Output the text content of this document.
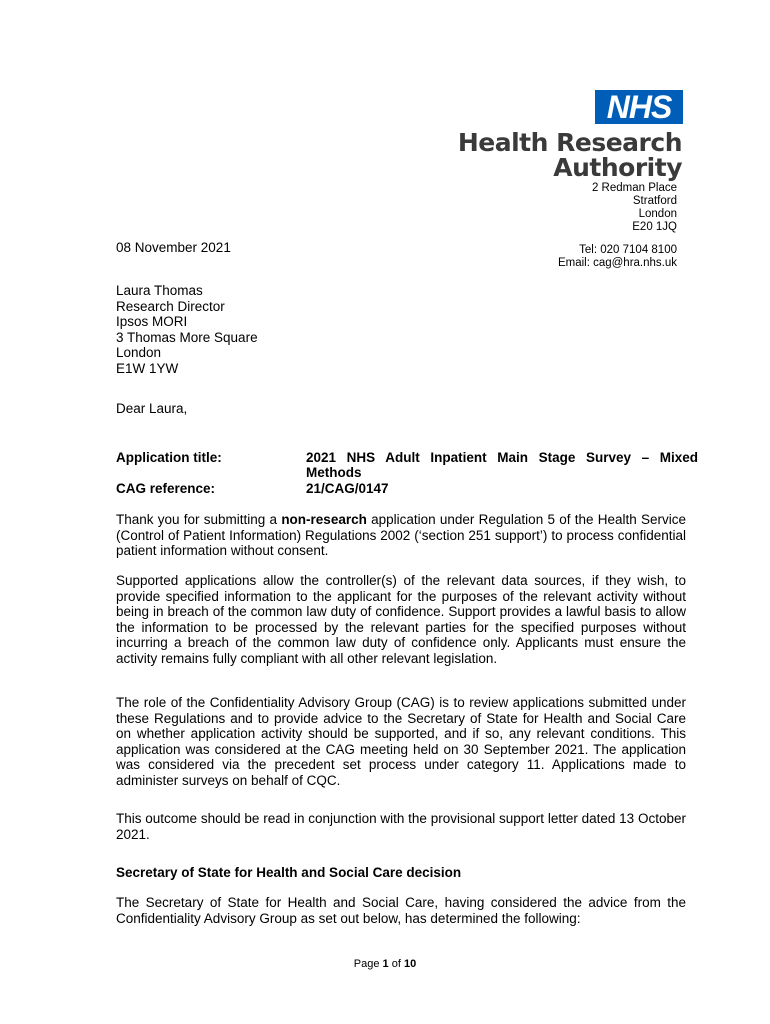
NHS
Health Research
Authority
2 Redman Place
Stratford
London
E20 1JQ
08 November 2021	Tel: 020 7104 8100
Email: cag@hra.nhs.uk
Laura Thomas
Research Director
Ipsos MORI
3 Thomas More Square
London
E1W 1YW
Dear Laura,
Application title:	2021 NHS Adult Inpatient Main Stage Survey – Mixed
Methods
CAG reference:	21/CAG/0147
Thank you for submitting a non-research application under Regulation 5 of the Health Service (Control of Patient Information) Regulations 2002 (‘section 251 support’) to process confidential patient information without consent.
Supported applications allow the controller(s) of the relevant data sources, if they wish, to provide specified information to the applicant for the purposes of the relevant activity without being in breach of the common law duty of confidence. Support provides a lawful basis to allow the information to be processed by the relevant parties for the specified purposes without incurring a breach of the common law duty of confidence only. Applicants must ensure the activity remains fully compliant with all other relevant legislation.
The role of the Confidentiality Advisory Group (CAG) is to review applications submitted under these Regulations and to provide advice to the Secretary of State for Health and Social Care on whether application activity should be supported, and if so, any relevant conditions. This application was considered at the CAG meeting held on 30 September 2021. The application was considered via the precedent set process under category 11. Applications made to administer surveys on behalf of CQC.
This outcome should be read in conjunction with the provisional support letter dated 13 October 2021.
Secretary of State for Health and Social Care decision
The Secretary of State for Health and Social Care, having considered the advice from the Confidentiality Advisory Group as set out below, has determined the following:
Page 1 of 10
